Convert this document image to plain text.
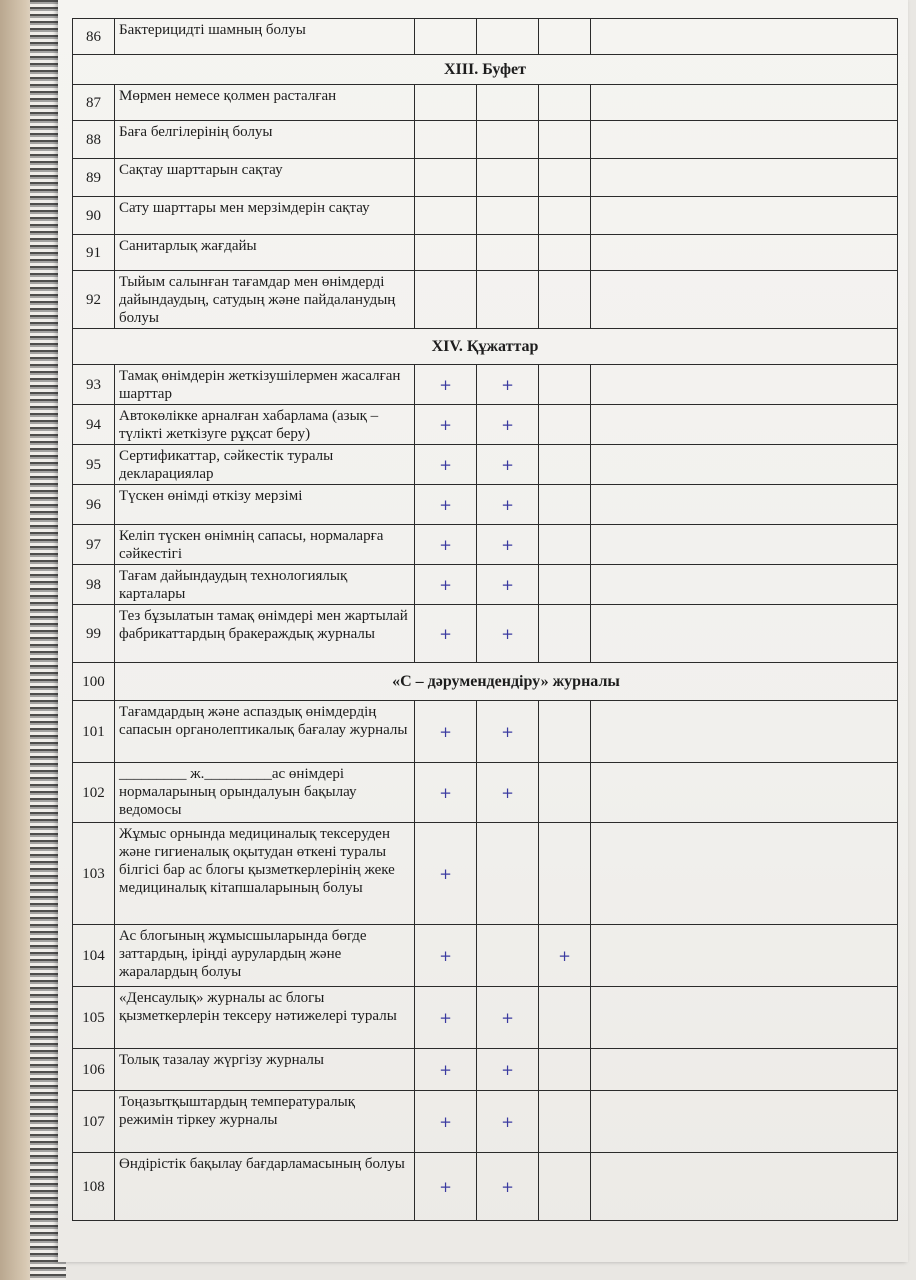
86	Бактерицидті шамның болуы				
XIII. Буфет					
87	Мөрмен немесе қолмен расталған				
88	Баға белгілерінің болуы				
89	Сақтау шарттарын сақтау				
90	Сату шарттары мен мерзімдерін сақтау				
91	Санитарлық жағдайы				
92	Тыйым салынған тағамдар мен өнімдерді дайындаудың, сатудың және пайдаланудың болуы				
XIV. Құжаттар					
93	Тамақ өнімдерін жеткізушілермен жасалған шарттар	+	+		
94	Автокөлікке арналған хабарлама (азық – түлікті жеткізуге рұқсат беру)	+	+		
95	Сертификаттар, сәйкестік туралы декларациялар	+	+		
96	Түскен өнімді өткізу мерзімі	+	+		
97	Келіп түскен өнімнің сапасы, нормаларға сәйкестігі	+	+		
98	Тағам дайындаудың технологиялық карталары	+	+		
99	Тез бұзылатын тамақ өнімдері мен жартылай фабрикаттардың бракераждық журналы	+	+		
100	«С – дәрумендендіру» журналы				
101	Тағамдардың және аспаздық өнімдердің сапасын органолептикалық бағалау журналы	+	+		
102	_________ ж._________ас өнімдері нормаларының орындалуын бақылау ведомосы	+	+		
103	Жұмыс орнында медициналық тексеруден және гигиеналық оқытудан өткені туралы білгісі бар ас блогы қызметкерлерінің жеке медициналық кітапшаларының болуы	+			
104	Ас блогының жұмысшыларында бөгде заттардың, іріңді аурулардың және жаралардың болуы	+		+	
105	«Денсаулық» журналы ас блогы қызметкерлерін тексеру нәтижелері туралы	+	+		
106	Толық тазалау жүргізу журналы	+	+		
107	Тоңазытқыштардың температуралық режимін тіркеу журналы	+	+		
108	Өндірістік бақылау бағдарламасының болуы	+	+		
